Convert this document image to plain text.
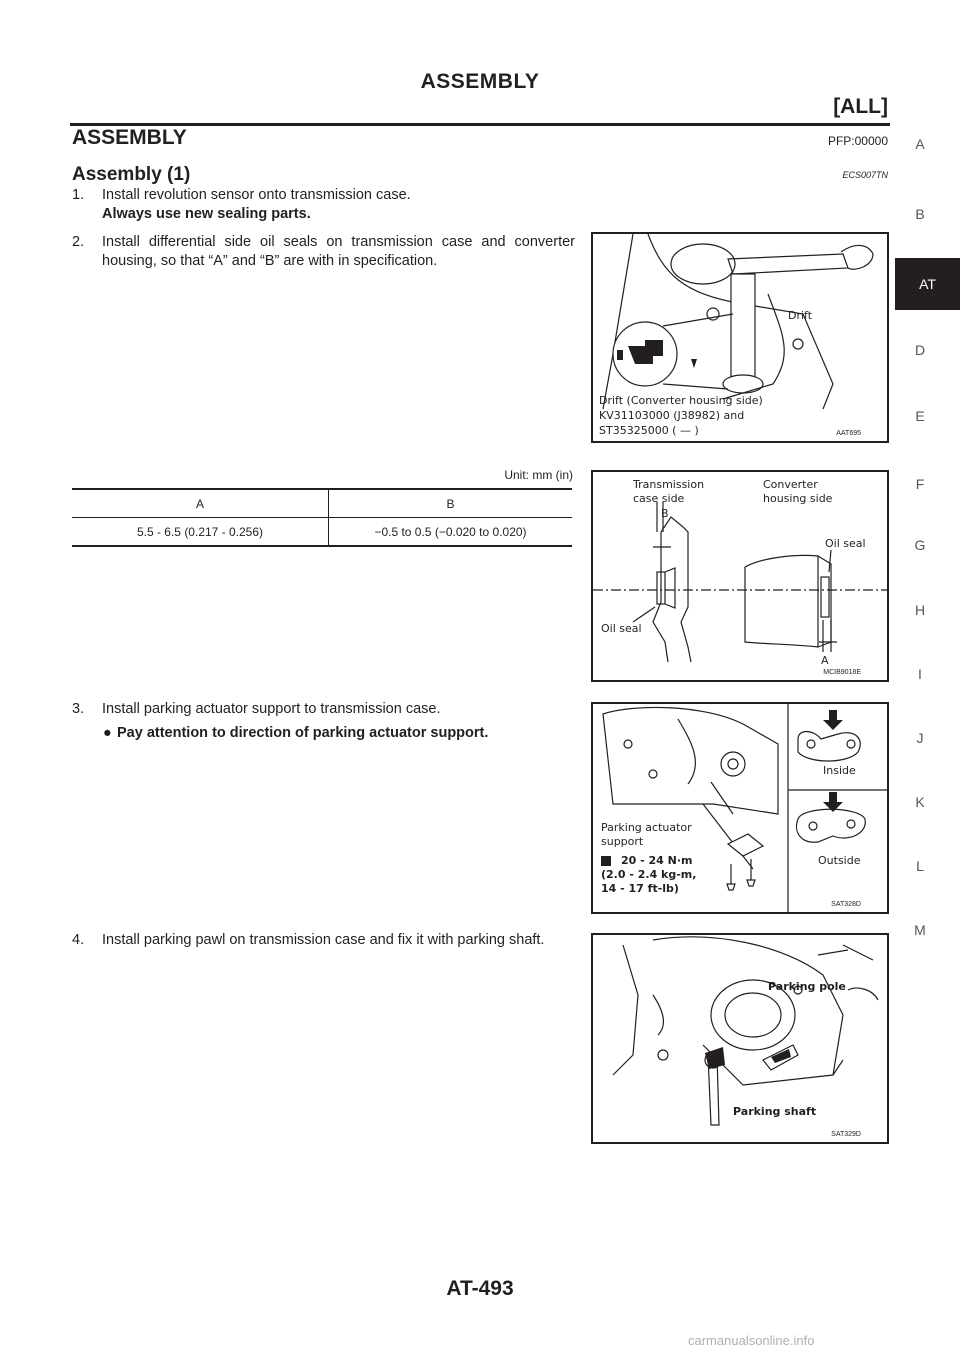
ASSEMBLY
[ALL]
ASSEMBLY	PFP:00000
Assembly (1)	ECS007TN
1. Install revolution sensor onto transmission case.
Always use new sealing parts.
2. Install differential side oil seals on transmission case and converter housing, so that “A” and “B” are with in specification.
Unit: mm (in)
A	B
5.5 - 6.5 (0.217 - 0.256)	−0.5 to 0.5 (−0.020 to 0.020)
3. Install parking actuator support to transmission case.
● Pay attention to direction of parking actuator support.
4. Install parking pawl on transmission case and fix it with parking shaft.
Drift
Drift (Converter housing side)
KV31103000 (J38982) and
ST35325000 ( — )	AAT695
Transmission
case side
Converter
housing side
B
Oil seal
Oil seal
A
MCIB9018E
Inside
Outside
Parking actuator
support
20 - 24 N·m
(2.0 - 2.4 kg-m,
14 - 17 ft-lb)
SAT328D
Parking pole
Parking shaft
SAT329D
A
B
D
E
F
G
H
I
J
K
L
M
AT
AT-493
carmanualsonline.info
